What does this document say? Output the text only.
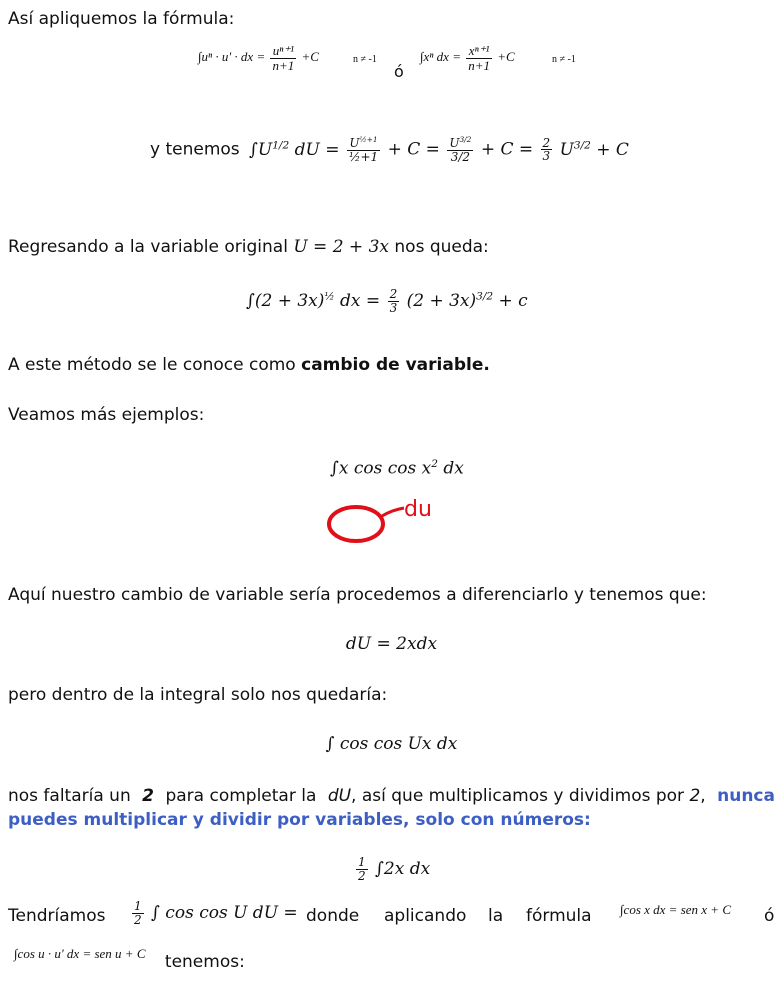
Así apliquemos la fórmula:
∫uⁿ · u' · dx = $\frac{\text{uⁿ⁺¹}}{n+1} +C$	n ≠ -1
ó
∫xⁿ dx = $\frac{\text{xⁿ⁺¹}}{n+1} +C$	n ≠ -1
y tenemos $\int U^{1/2}$ dU = $\frac{U^{\frac{1}{2}+1}}{\text{½+1}} + C = \frac{U^{3/2}}{3/2} + C = \frac{2}{3} U^{3/2} + C$
Regresando a la variable original U = 2 + 3x nos queda:
$\int(2 + 3x)^{\frac{1}{2}}$ dx = $\frac{2}{3} (2 + 3x)^{3/2} + c$
A este método se le conoce como cambio de variable.
Veamos más ejemplos:
∫x $\cos \cos x^2$ dx
du
Aquí nuestro cambio de variable sería procedemos a diferenciarlo y tenemos que:
dU = 2xdx
pero dentro de la integral solo nos quedaría:
∫ cos cos Ux dx
nos faltaría un 2 para completar la dU, así que multiplicamos y dividimos por 2, nunca
puedes multiplicar y dividir por variables, solo con números:
$\frac{1}{2} \int 2x$ dx
Tendríamos $\frac{1}{2}$ ∫ cos cos U dU = donde aplicando la fórmula ∫cos x dx = sen x + C ó
$^{\int cos u \cdot u' dx = sen u + C}$ tenemos:
